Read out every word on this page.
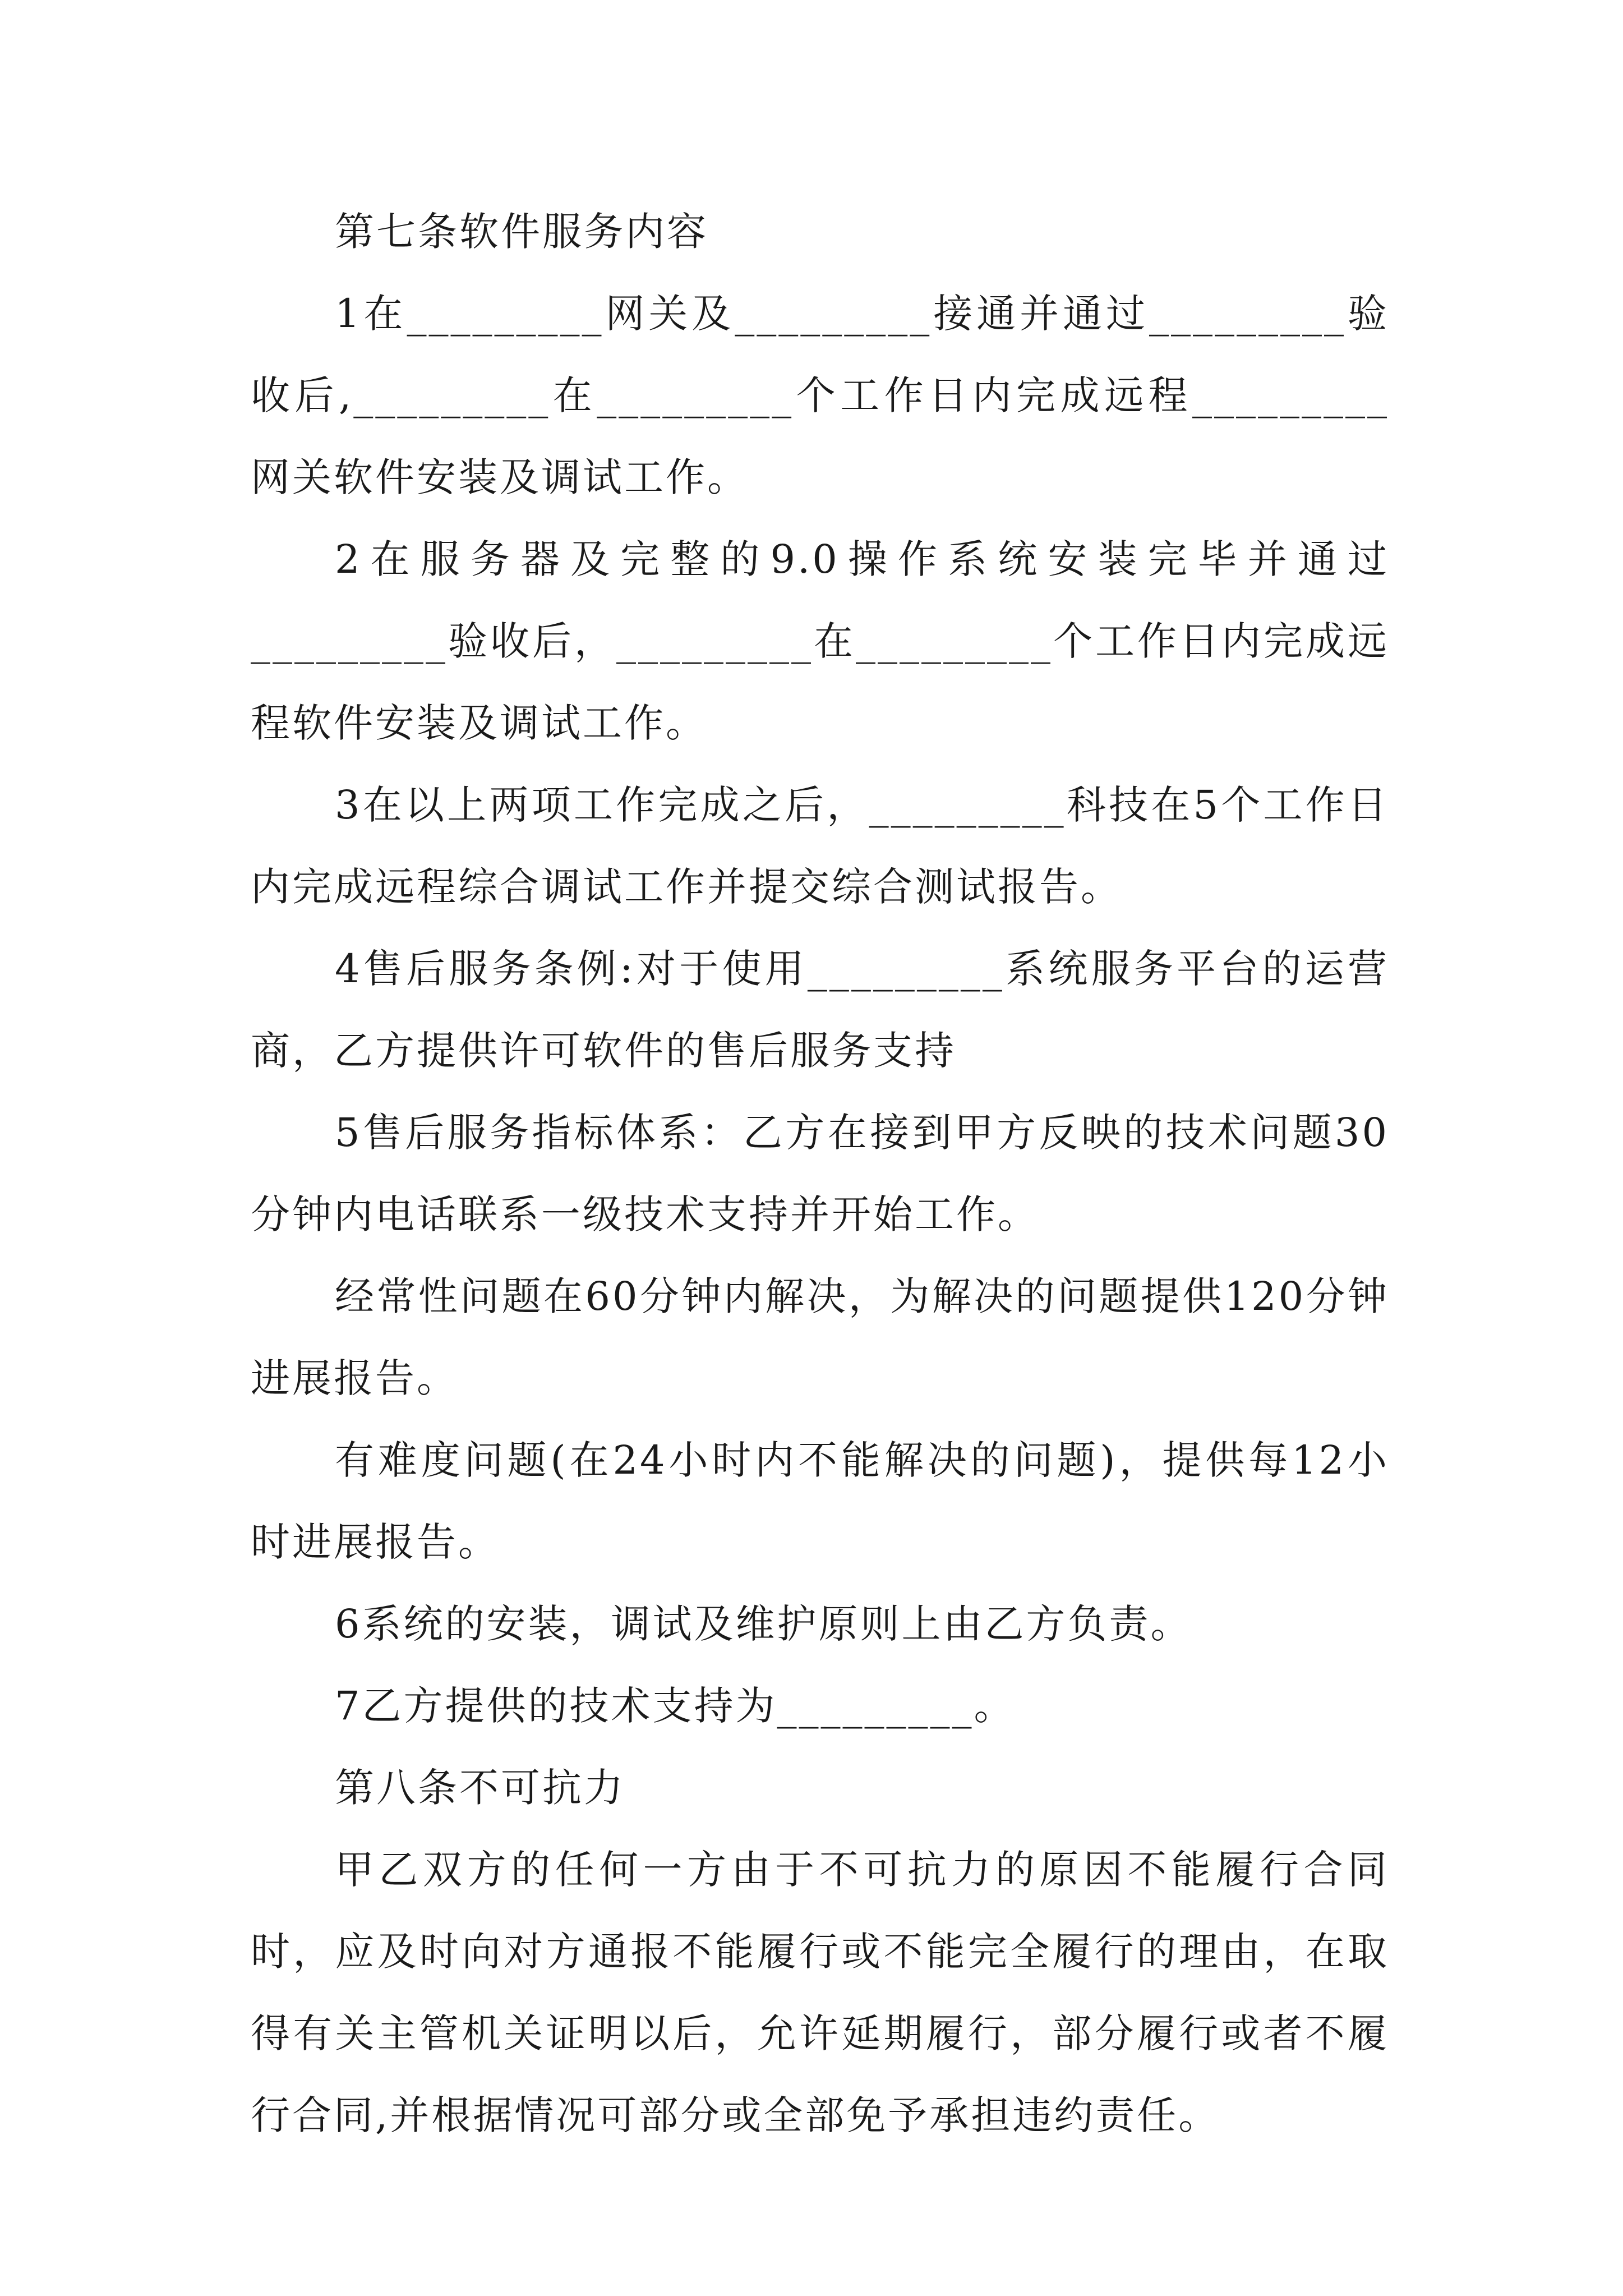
第七条软件服务内容

1在_________网关及_________接通并通过_________验收后,_________在_________个工作日内完成远程_________网关软件安装及调试工作。

2在服务器及完整的9.0操作系统安装完毕并通过_________验收后，_________在_________个工作日内完成远程软件安装及调试工作。

3在以上两项工作完成之后，_________科技在5个工作日内完成远程综合调试工作并提交综合测试报告。

4售后服务条例:对于使用_________系统服务平台的运营商，乙方提供许可软件的售后服务支持

5售后服务指标体系：乙方在接到甲方反映的技术问题30分钟内电话联系一级技术支持并开始工作。

经常性问题在60分钟内解决，为解决的问题提供120分钟进展报告。

有难度问题(在24小时内不能解决的问题)，提供每12小时进展报告。

6系统的安装，调试及维护原则上由乙方负责。

7乙方提供的技术支持为_________。

第八条不可抗力

甲乙双方的任何一方由于不可抗力的原因不能履行合同时，应及时向对方通报不能履行或不能完全履行的理由，在取得有关主管机关证明以后，允许延期履行，部分履行或者不履行合同,并根据情况可部分或全部免予承担违约责任。
